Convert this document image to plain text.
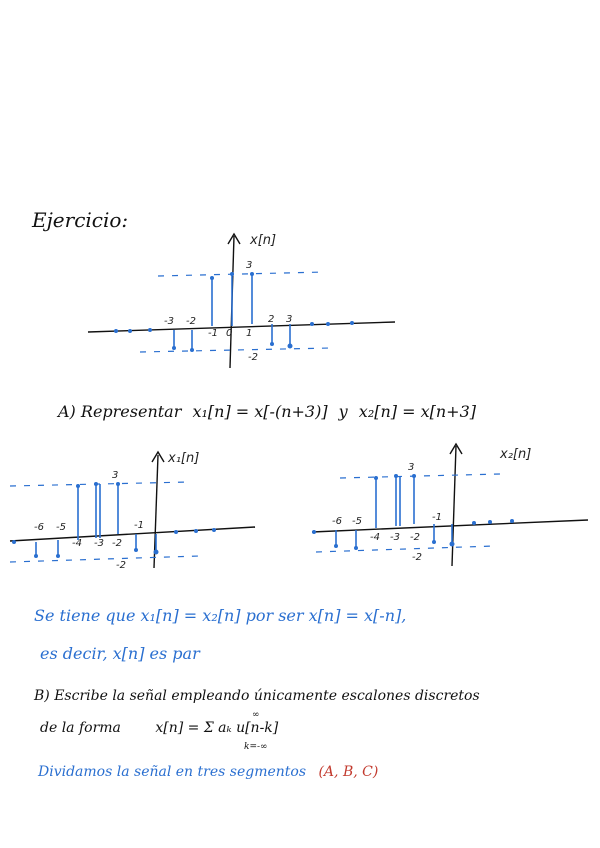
Ejercicio:
3
-3 -2
-1 0 1
2 3
-2
x[n]
A) Representar x₁[n] = x[-(n+3)] y x₂[n] = x[n+3]
3
-6 -5
-4 -3 -2
-1
-2
x₁[n]
3
-6 -5
-4 -3 -2
-1
-2
x₂[n]
Se tiene que x₁[n] = x₂[n] por ser x[n] = x[-n],
es decir, x[n] es par
B) Escribe la señal empleando únicamente escalones discretos
de la forma x[n] = Σ aₖ u[n-k]
∞
k=-∞
Dividamos la señal en tres segmentos (A, B, C)
